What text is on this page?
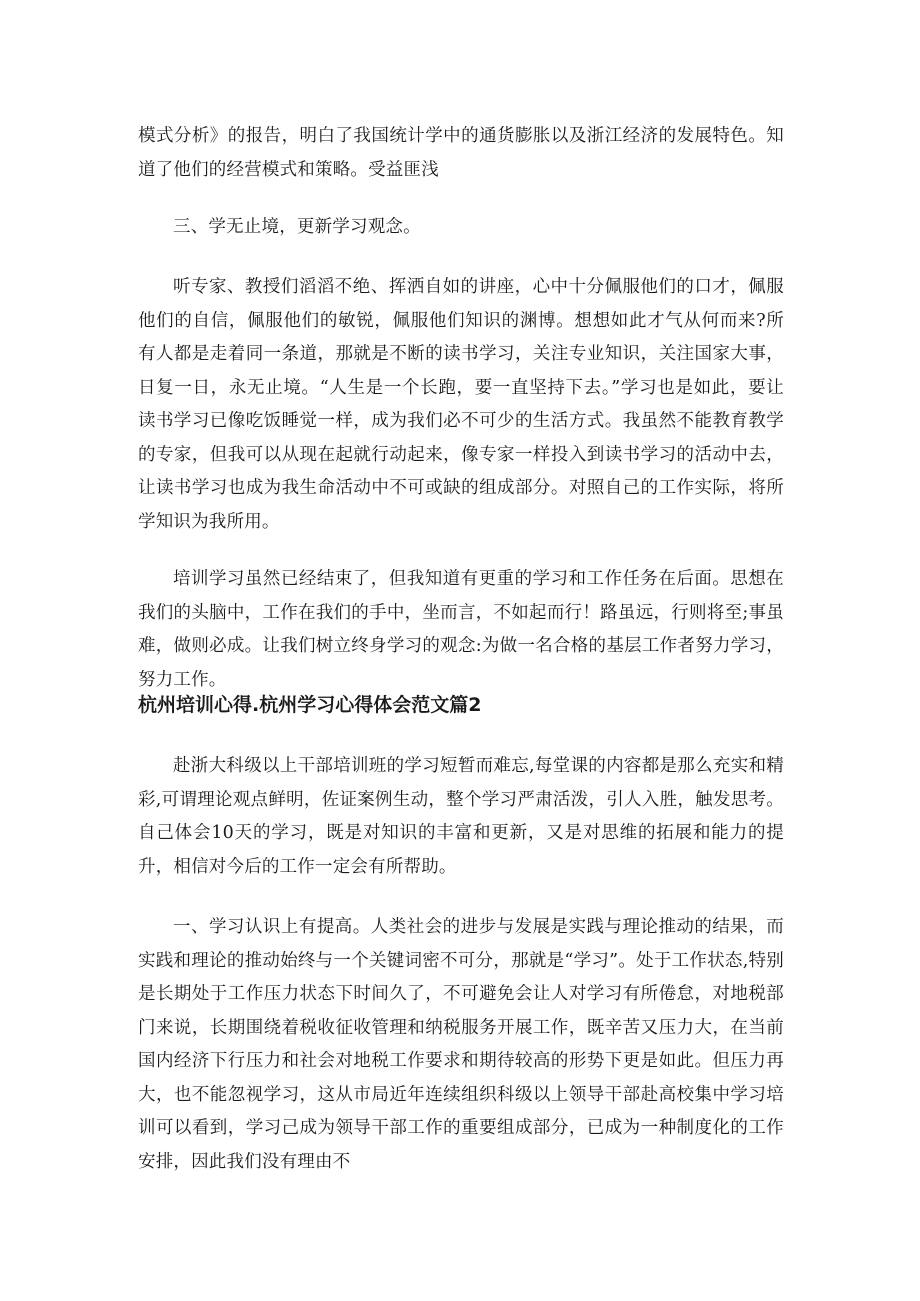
模式分析》的报告，明白了我国统计学中的通货膨胀以及浙江经济的发展特色。知道了他们的经营模式和策略。受益匪浅

三、学无止境，更新学习观念。

听专家、教授们滔滔不绝、挥洒自如的讲座，心中十分佩服他们的口才，佩服他们的自信，佩服他们的敏锐，佩服他们知识的渊博。想想如此才气从何而来?所有人都是走着同一条道，那就是不断的读书学习，关注专业知识，关注国家大事，日复一日，永无止境。“人生是一个长跑，要一直坚持下去。”学习也是如此，要让读书学习已像吃饭睡觉一样，成为我们必不可少的生活方式。我虽然不能教育教学的专家，但我可以从现在起就行动起来，像专家一样投入到读书学习的活动中去，让读书学习也成为我生命活动中不可或缺的组成部分。对照自己的工作实际，将所学知识为我所用。

培训学习虽然已经结束了，但我知道有更重的学习和工作任务在后面。思想在我们的头脑中，工作在我们的手中，坐而言，不如起而行！路虽远，行则将至;事虽难，做则必成。让我们树立终身学习的观念:为做一名合格的基层工作者努力学习，努力工作。

杭州培训心得.杭州学习心得体会范文篇2

赴浙大科级以上干部培训班的学习短暂而难忘,每堂课的内容都是那么充实和精彩,可谓理论观点鲜明，佐证案例生动，整个学习严肃活泼，引人入胜，触发思考。自己体会10天的学习，既是对知识的丰富和更新，又是对思维的拓展和能力的提升，相信对今后的工作一定会有所帮助。

一、学习认识上有提高。人类社会的进步与发展是实践与理论推动的结果，而实践和理论的推动始终与一个关键词密不可分，那就是“学习”。处于工作状态,特别是长期处于工作压力状态下时间久了，不可避免会让人对学习有所倦怠，对地税部门来说，长期围绕着税收征收管理和纳税服务开展工作，既辛苦又压力大，在当前国内经济下行压力和社会对地税工作要求和期待较高的形势下更是如此。但压力再大，也不能忽视学习，这从市局近年连续组织科级以上领导干部赴高校集中学习培训可以看到，学习己成为领导干部工作的重要组成部分，已成为一种制度化的工作安排，因此我们没有理由不
